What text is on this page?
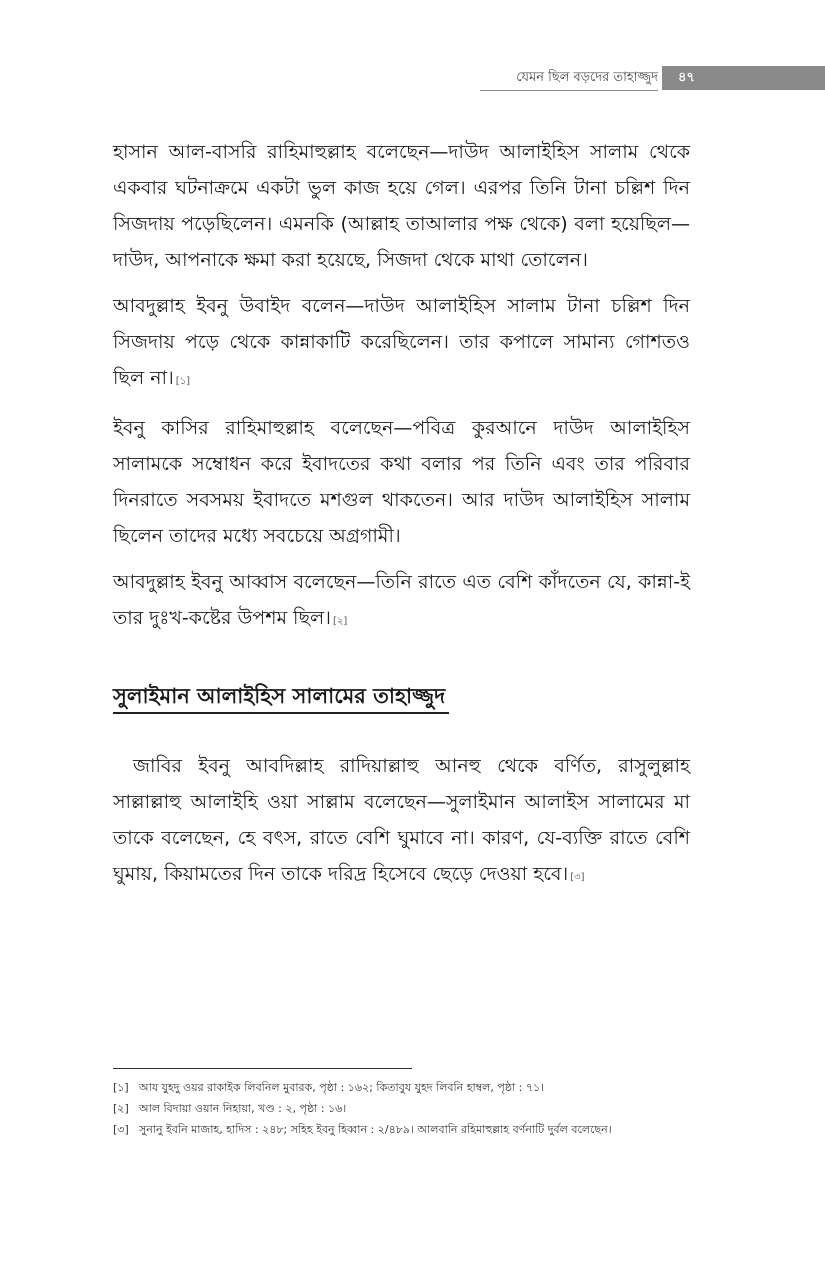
যেমন ছিল বড়দের তাহাজ্জুদ	৪৭

হাসান আল-বাসরি রাহিমাহুল্লাহ বলেছেন—দাউদ আলাইহিস সালাম থেকে একবার ঘটনাক্রমে একটা ভুল কাজ হয়ে গেল। এরপর তিনি টানা চল্লিশ দিন সিজদায় পড়েছিলেন। এমনকি (আল্লাহ তাআলার পক্ষ থেকে) বলা হয়েছিল—দাউদ, আপনাকে ক্ষমা করা হয়েছে, সিজদা থেকে মাথা তোলেন।

আবদুল্লাহ ইবনু উবাইদ বলেন—দাউদ আলাইহিস সালাম টানা চল্লিশ দিন সিজদায় পড়ে থেকে কান্নাকাটি করেছিলেন। তার কপালে সামান্য গোশতও ছিল না। [১]

ইবনু কাসির রাহিমাহুল্লাহ বলেছেন—পবিত্র কুরআনে দাউদ আলাইহিস সালামকে সম্বোধন করে ইবাদতের কথা বলার পর তিনি এবং তার পরিবার দিনরাতে সবসময় ইবাদতে মশগুল থাকতেন। আর দাউদ আলাইহিস সালাম ছিলেন তাদের মধ্যে সবচেয়ে অগ্রগামী।

আবদুল্লাহ ইবনু আব্বাস বলেছেন—তিনি রাতে এত বেশি কাঁদতেন যে, কান্না-ই তার দুঃখ-কষ্টের উপশম ছিল। [২]

সুলাইমান আলাইহিস সালামের তাহাজ্জুদ

জাবির ইবনু আবদিল্লাহ রাদিয়াল্লাহু আনহু থেকে বর্ণিত, রাসুলুল্লাহ সাল্লাল্লাহু আলাইহি ওয়া সাল্লাম বলেছেন—সুলাইমান আলাইস সালামের মা তাকে বলেছেন, হে বৎস, রাতে বেশি ঘুমাবে না। কারণ, যে-ব্যক্তি রাতে বেশি ঘুমায়, কিয়ামতের দিন তাকে দরিদ্র হিসেবে ছেড়ে দেওয়া হবে। [৩]

[১] আয যুহদু ওয়র রাকাইক লিবনিল মুবারক, পৃষ্ঠা : ১৬২; কিতাবুয যুহদ লিবনি হাম্বল, পৃষ্ঠা : ৭১।
[২] আল বিদায়া ওয়ান নিহায়া, খণ্ড : ২, পৃষ্ঠা : ১৬।
[৩] সুনানু ইবনি মাজাহ, হাদিস : ২৪৮; সহিহ ইবনু হিব্বান : ২/৪৮৯। আলবানি রহিমাহুল্লাহ বর্ণনাটি দুর্বল বলেছেন।
